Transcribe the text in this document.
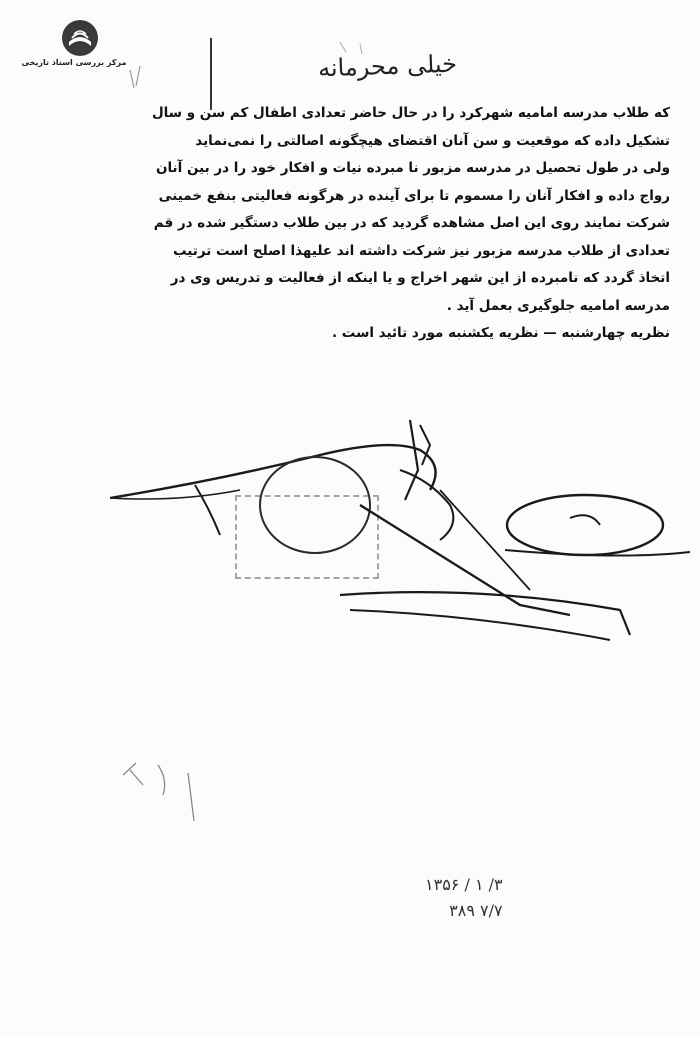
مرکز بررسی اسناد تاریخی	خیلی محرمانه

که طلاب مدرسه امامیه شهرکرد را در حال حاضر تعدادی اطفال کم سن و سال

تشکیل داده که موقعیت و سن آنان اقتضای هیچگونه اصالتی را نمی‌نماید

ولی در طول تحصیل در مدرسه مزبور نا مبرده نیات و افکار خود را در بین آنان

رواج داده و افکار آنان را مسموم تا برای آینده در هرگونه فعالیتی بنفع خمینی

شرکت نمایند روی این اصل مشاهده گردید که در بین طلاب دستگیر شده در قم

تعدادی از طلاب مدرسه مزبور نیز شرکت داشته اند علیهذا اصلح است ترتیب

اتخاذ گردد که نامبرده از این شهر اخراج و یا اینکه از فعالیت و تدریس وی در

مدرسه امامیه جلوگیری بعمل آید .

نظریه چهارشنبه — نظریه یکشنبه مورد تائید است .

۳/ ۱ / ۱۳۵۶
۷/۷ ۳۸۹
